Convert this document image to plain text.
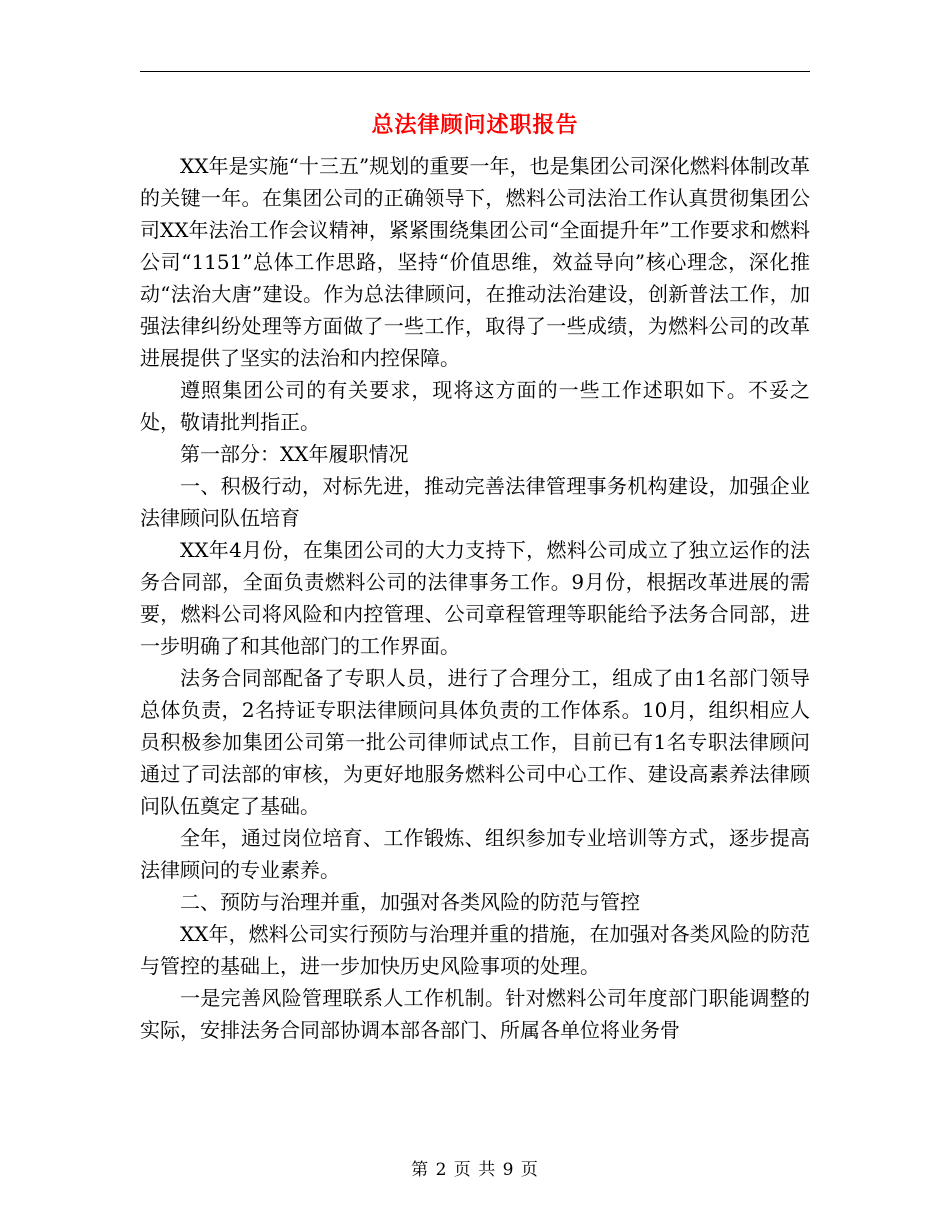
总法律顾问述职报告

XX年是实施“十三五”规划的重要一年，也是集团公司深化燃料体制改革的关键一年。在集团公司的正确领导下，燃料公司法治工作认真贯彻集团公司XX年法治工作会议精神，紧紧围绕集团公司“全面提升年”工作要求和燃料公司“1151”总体工作思路，坚持“价值思维，效益导向”核心理念，深化推动“法治大唐”建设。作为总法律顾问，在推动法治建设，创新普法工作，加强法律纠纷处理等方面做了一些工作，取得了一些成绩，为燃料公司的改革进展提供了坚实的法治和内控保障。

遵照集团公司的有关要求，现将这方面的一些工作述职如下。不妥之处，敬请批判指正。

第一部分：XX年履职情况

一、积极行动，对标先进，推动完善法律管理事务机构建设，加强企业法律顾问队伍培育

XX年4月份，在集团公司的大力支持下，燃料公司成立了独立运作的法务合同部，全面负责燃料公司的法律事务工作。9月份，根据改革进展的需要，燃料公司将风险和内控管理、公司章程管理等职能给予法务合同部，进一步明确了和其他部门的工作界面。

法务合同部配备了专职人员，进行了合理分工，组成了由1名部门领导总体负责，2名持证专职法律顾问具体负责的工作体系。10月，组织相应人员积极参加集团公司第一批公司律师试点工作，目前已有1名专职法律顾问通过了司法部的审核，为更好地服务燃料公司中心工作、建设高素养法律顾问队伍奠定了基础。

全年，通过岗位培育、工作锻炼、组织参加专业培训等方式，逐步提高法律顾问的专业素养。

二、预防与治理并重，加强对各类风险的防范与管控

XX年，燃料公司实行预防与治理并重的措施，在加强对各类风险的防范与管控的基础上，进一步加快历史风险事项的处理。

一是完善风险管理联系人工作机制。针对燃料公司年度部门职能调整的实际，安排法务合同部协调本部各部门、所属各单位将业务骨

第 2 页 共 9 页
